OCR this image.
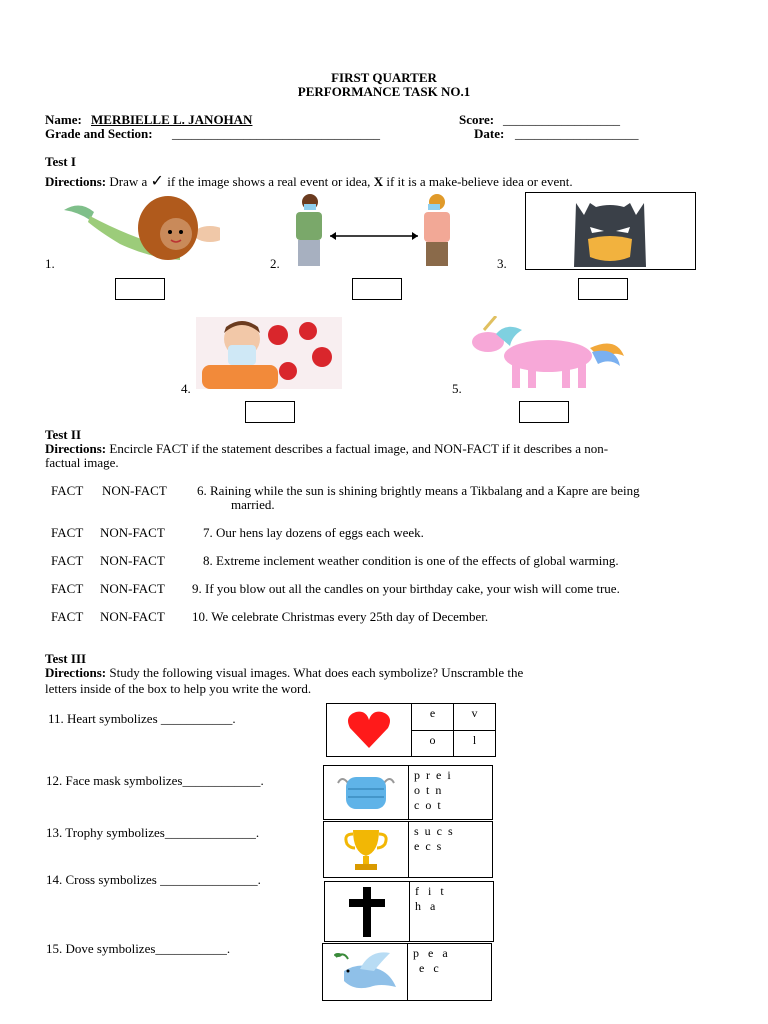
FIRST QUARTER
PERFORMANCE TASK NO.1
Name: MERBIELLE L. JANOHAN	Score: __________________
Grade and Section: ________________________________	Date: ___________________
Test I
Directions: Draw a ✓ if the image shows a real event or idea, X if it is a make-believe idea or event.
1.	2.	3.
4.	5.
Test II
Directions: Encircle FACT if the statement describes a factual image, and NON-FACT if it describes a non-
factual image.
FACT NON-FACT 6. Raining while the sun is shining brightly means a Tikbalang and a Kapre are being
married.
FACT NON-FACT	7. Our hens lay dozens of eggs each week.
FACT NON-FACT	8. Extreme inclement weather condition is one of the effects of global warming.
FACT NON-FACT 9. If you blow out all the candles on your birthday cake, your wish will come true.
FACT NON-FACT 10. We celebrate Christmas every 25th day of December.
Test III
Directions: Study the following visual images. What does each symbolize? Unscramble the
letters inside of the box to help you write the word.
11. Heart symbolizes ___________.	e	v
o	l
12. Face mask symbolizes____________.	p  r  e  i
o  t  n
c  o  t
13. Trophy symbolizes______________.	s  u  c  s
e  c  s
14. Cross symbolizes _______________.
f   i   t
h   a
15. Dove symbolizes___________.	p   e   a
e   c
